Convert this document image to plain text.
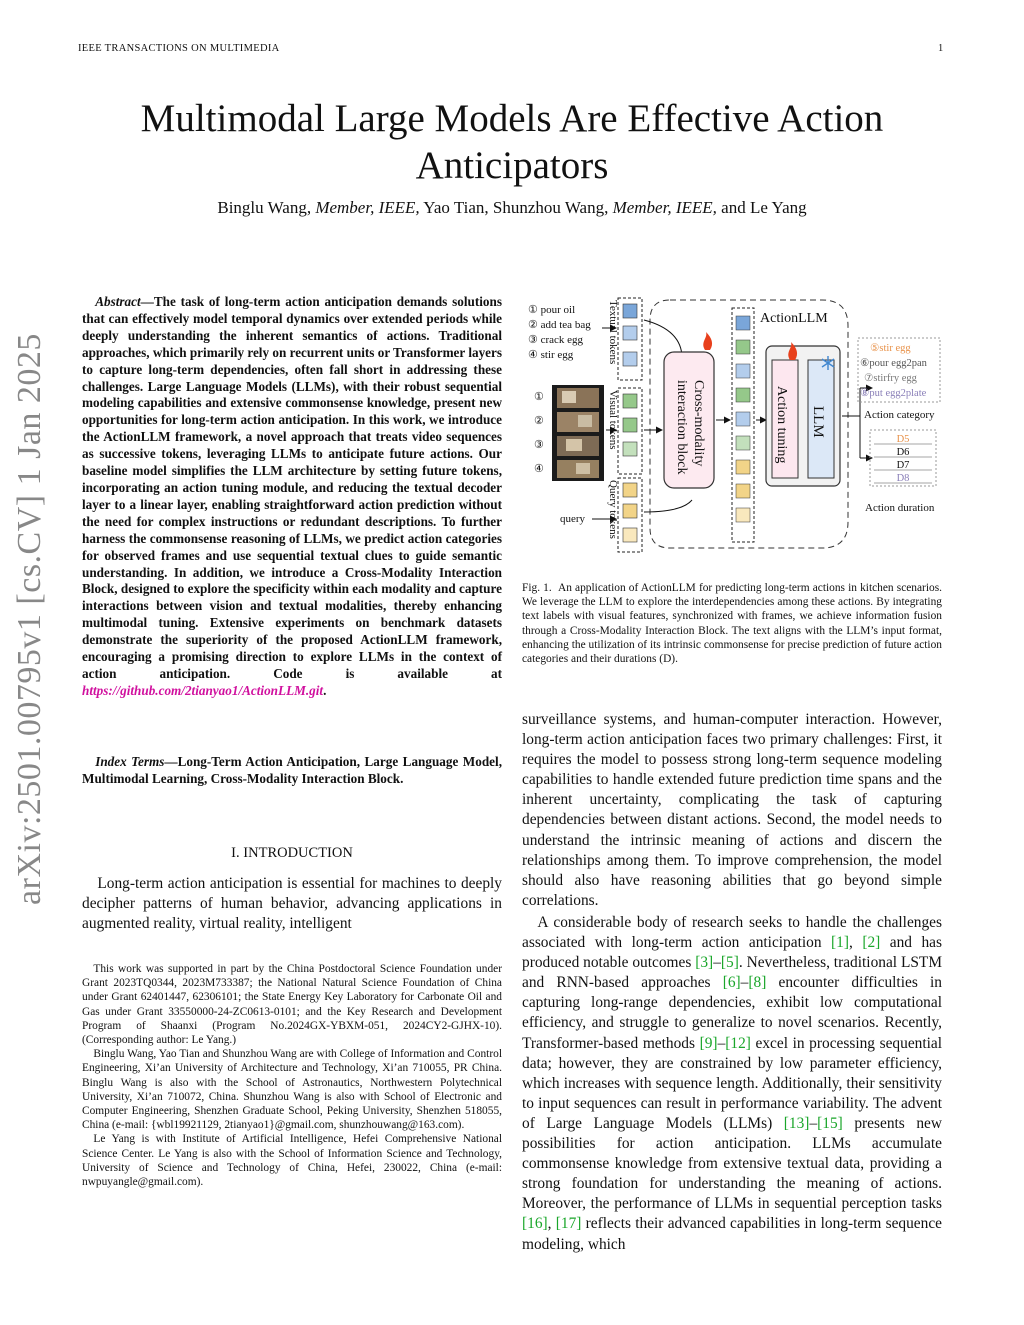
IEEE TRANSACTIONS ON MULTIMEDIA	1
arXiv:2501.00795v1 [cs.CV] 1 Jan 2025
Multimodal Large Models Are Effective Action Anticipators
Binglu Wang, Member, IEEE, Yao Tian, Shunzhou Wang, Member, IEEE, and Le Yang

Abstract—The task of long-term action anticipation demands solutions that can effectively model temporal dynamics over extended periods while deeply understanding the inherent semantics of actions. Traditional approaches, which primarily rely on recurrent units or Transformer layers to capture long-term dependencies, often fall short in addressing these challenges. Large Language Models (LLMs), with their robust sequential modeling capabilities and extensive commonsense knowledge, present new opportunities for long-term action anticipation. In this work, we introduce the ActionLLM framework, a novel approach that treats video sequences as successive tokens, leveraging LLMs to anticipate future actions. Our baseline model simplifies the LLM architecture by setting future tokens, incorporating an action tuning module, and reducing the textual decoder layer to a linear layer, enabling straightforward action prediction without the need for complex instructions or redundant descriptions. To further harness the commonsense reasoning of LLMs, we predict action categories for observed frames and use sequential textual clues to guide semantic understanding. In addition, we introduce a Cross-Modality Interaction Block, designed to explore the specificity within each modality and capture interactions between vision and textual modalities, thereby enhancing multimodal tuning. Extensive experiments on benchmark datasets demonstrate the superiority of the proposed ActionLLM framework, encouraging a promising direction to explore LLMs in the context of action anticipation. Code is available at https://github.com/2tianyao1/ActionLLM.git.

Index Terms—Long-Term Action Anticipation, Large Language Model, Multimodal Learning, Cross-Modality Interaction Block.

I. INTRODUCTION

Long-term action anticipation is essential for machines to deeply decipher patterns of human behavior, advancing applications in augmented reality, virtual reality, intelligent

This work was supported in part by the China Postdoctoral Science Foundation under Grant 2023TQ0344, 2023M733387; the National Natural Science Foundation of China under Grant 62401447, 62306101; the State Energy Key Laboratory for Carbonate Oil and Gas under Grant 33550000-24-ZC0613-0101; and the Key Research and Development Program of Shaanxi (Program No.2024GX-YBXM-051, 2024CY2-GJHX-10). (Corresponding author: Le Yang.)

Binglu Wang, Yao Tian and Shunzhou Wang are with College of Information and Control Engineering, Xi’an University of Architecture and Technology, Xi’an 710055, PR China. Binglu Wang is also with the School of Astronautics, Northwestern Polytechnical University, Xi’an 710072, China. Shunzhou Wang is also with School of Electronic and Computer Engineering, Shenzhen Graduate School, Peking University, Shenzhen 518055, China (e-mail: {wbl19921129, 2tianyao1}@gmail.com, shunzhouwang@163.com).

Le Yang is with Institute of Artificial Intelligence, Hefei Comprehensive National Science Center. Le Yang is also with the School of Information Science and Technology, University of Science and Technology of China, Hefei, 230022, China (e-mail: nwpuyangle@gmail.com).

① pour oil
② add tea bag
③ crack egg
④ stir egg	Textual tokens
①
②
③
④
Visual tokens
query Query tokens
ActionLLM
Cross-modality
interaction block	Action tuning LLM
⑤stir egg
⑥pour egg2pan
⑦stirfry egg
⑧put egg2plate
Action category
D5
D6
D7
D8
Action duration
Fig. 1. An application of ActionLLM for predicting long-term actions in kitchen scenarios. We leverage the LLM to explore the interdependencies among these actions. By integrating text labels with visual features, synchronized with frames, we achieve information fusion through a Cross-Modality Interaction Block. The text aligns with the LLM’s input format, enhancing the utilization of its intrinsic commonsense for precise prediction of future action categories and their durations (D).

surveillance systems, and human-computer interaction. However, long-term action anticipation faces two primary challenges: First, it requires the model to possess strong long-term sequence modeling capabilities to handle extended future prediction time spans and the inherent uncertainty, complicating the task of capturing dependencies between distant actions. Second, the model needs to understand the intrinsic meaning of actions and discern the relationships among them. To improve comprehension, the model should also have reasoning abilities that go beyond simple correlations.

A considerable body of research seeks to handle the challenges associated with long-term action anticipation [1], [2] and has produced notable outcomes [3]–[5]. Nevertheless, traditional LSTM and RNN-based approaches [6]–[8] encounter difficulties in capturing long-range dependencies, exhibit low computational efficiency, and struggle to generalize to novel scenarios. Recently, Transformer-based methods [9]–[12] excel in processing sequential data; however, they are constrained by low parameter efficiency, which increases with sequence length. Additionally, their sensitivity to input sequences can result in performance variability. The advent of Large Language Models (LLMs) [13]–[15] presents new possibilities for action anticipation. LLMs accumulate commonsense knowledge from extensive textual data, providing a strong foundation for understanding the meaning of actions. Moreover, the performance of LLMs in sequential perception tasks [16], [17] reflects their advanced capabilities in long-term sequence modeling, which
